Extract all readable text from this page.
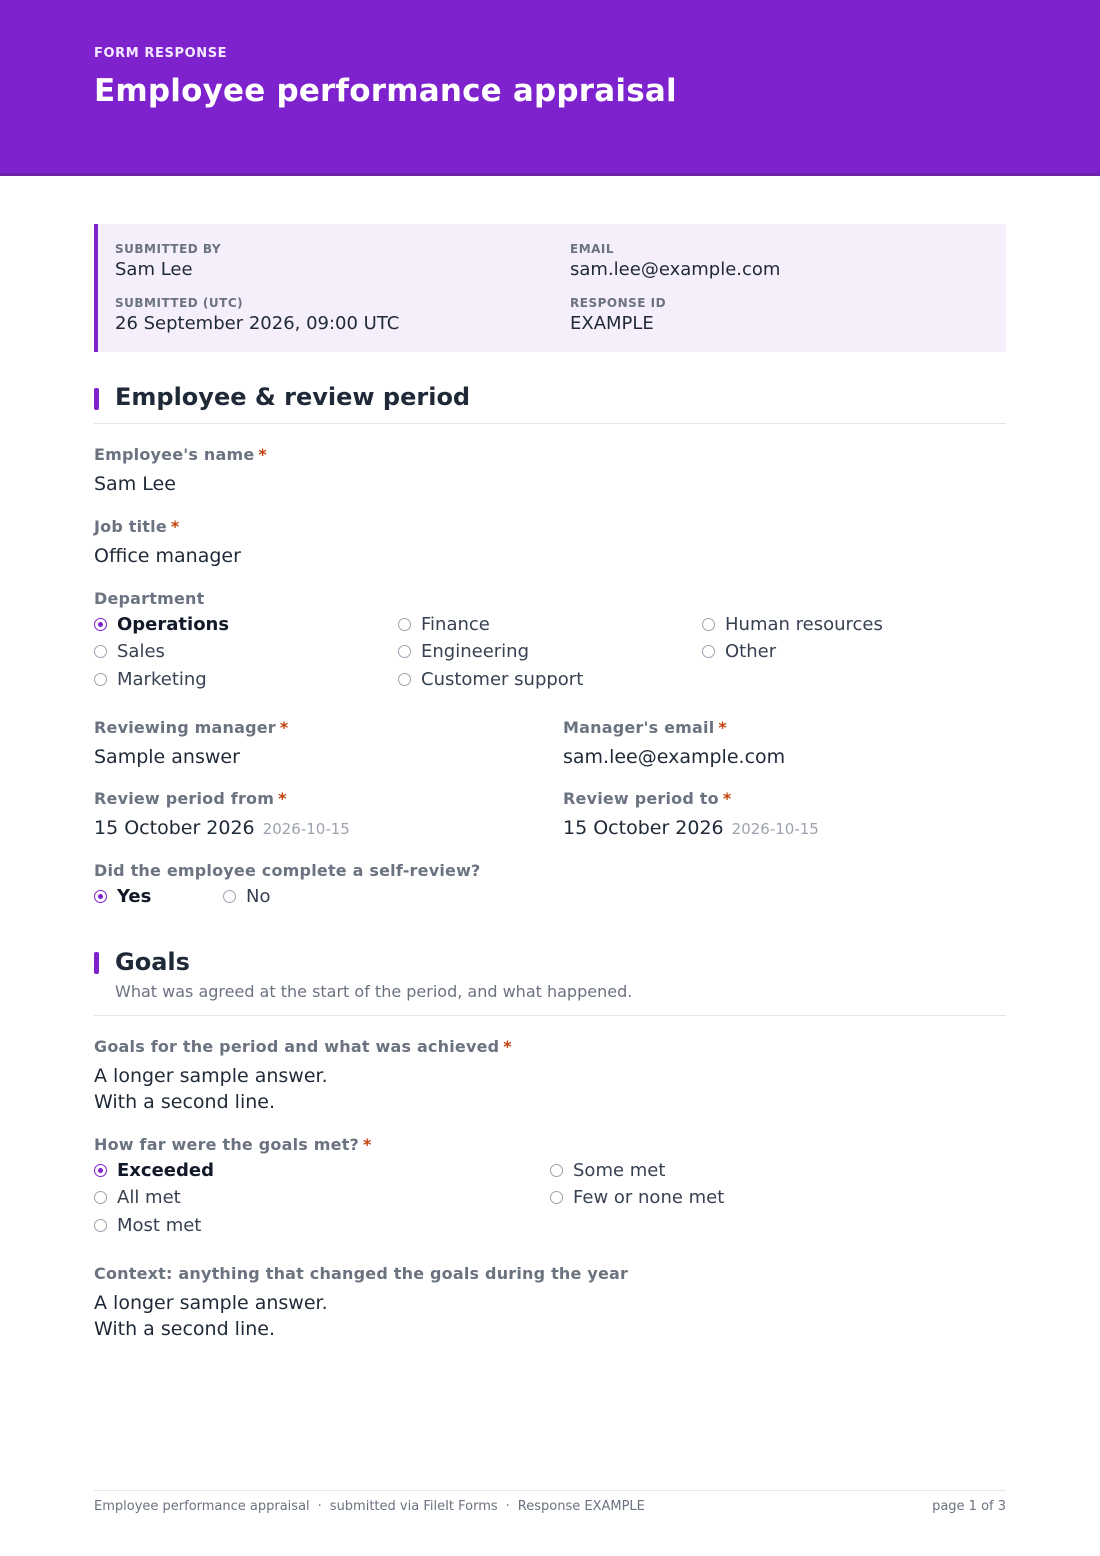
FORM RESPONSE
Employee performance appraisal
SUBMITTED BY
Sam Lee
EMAIL
sam.lee@example.com
SUBMITTED (UTC)
26 September 2026, 09:00 UTC
RESPONSE ID
EXAMPLE
Employee & review period
Employee's name *
Sam Lee
Job title *
Office manager
Department
Operations	Finance	Human resources
Sales	Engineering	Other
Marketing	Customer support
Reviewing manager *
Sample answer
Manager's email *
sam.lee@example.com
Review period from *
15 October 2026 2026-10-15
Review period to *
15 October 2026 2026-10-15
Did the employee complete a self-review?
Yes	No
Goals
What was agreed at the start of the period, and what happened.
Goals for the period and what was achieved *
A longer sample answer.
With a second line.
How far were the goals met? *
Exceeded	Some met
All met	Few or none met
Most met
Context: anything that changed the goals during the year
A longer sample answer.
With a second line.
Employee performance appraisal · submitted via FileIt Forms · Response EXAMPLE	page 1 of 3
